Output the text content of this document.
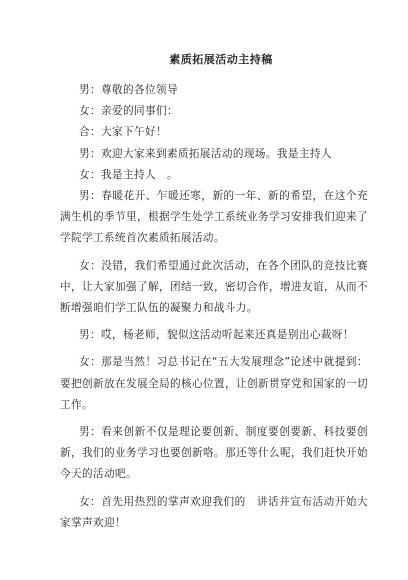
素质拓展活动主持稿

男：尊敬的各位领导

女：亲爱的同事们：

合：大家下午好！

男：欢迎大家来到素质拓展活动的现场。我是主持人

女：我是主持人　。

男：春暖花开、乍暖还寒，新的一年、新的希望，在这个充满生机的季节里，根据学生处学工系统业务学习安排我们迎来了学院学工系统首次素质拓展活动。

女：没错，我们希望通过此次活动，在各个团队的竞技比赛中，让大家加强了解，团结一致，密切合作，增进友谊，从而不断增强咱们学工队伍的凝聚力和战斗力。

男：哎，杨老师，貌似这活动听起来还真是别出心裁呀！

女：那是当然！习总书记在“五大发展理念”论述中就提到：要把创新放在发展全局的核心位置，让创新贯穿党和国家的一切工作。

男：看来创新不仅是理论要创新、制度要创要新、科技要创新，我们的业务学习也要创新咯。那还等什么呢，我们赶快开始今天的活动吧。

女：首先用热烈的掌声欢迎我们的　讲话并宣布活动开始大家掌声欢迎！
